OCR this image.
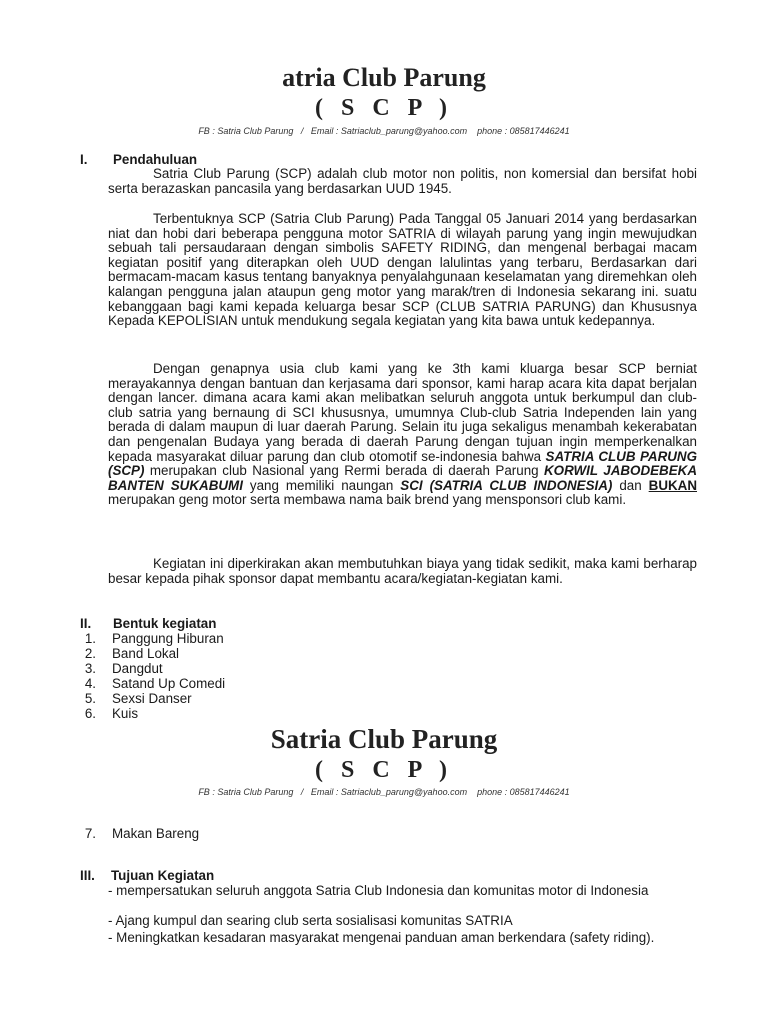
atria Club Parung
( S C P )
FB : Satria Club Parung   /   Email : Satriaclub_parung@yahoo.com    phone : 085817446241
I. Pendahuluan

Satria Club Parung (SCP) adalah club motor non politis, non komersial dan bersifat hobi serta berazaskan pancasila yang berdasarkan UUD 1945.

Terbentuknya SCP (Satria Club Parung) Pada Tanggal 05 Januari 2014 yang berdasarkan niat dan hobi dari beberapa pengguna motor SATRIA di wilayah parung yang ingin mewujudkan sebuah tali persaudaraan dengan simbolis SAFETY RIDING, dan mengenal berbagai macam kegiatan positif yang diterapkan oleh UUD dengan lalulintas yang terbaru, Berdasarkan dari bermacam-macam kasus tentang banyaknya penyalahgunaan keselamatan yang diremehkan oleh kalangan pengguna jalan ataupun geng motor yang marak/tren di Indonesia sekarang ini. suatu kebanggaan bagi kami kepada keluarga besar SCP (CLUB SATRIA PARUNG) dan Khususnya Kepada KEPOLISIAN untuk mendukung segala kegiatan yang kita bawa untuk kedepannya.

Dengan genapnya usia club kami yang ke 3th kami kluarga besar SCP berniat merayakannya dengan bantuan dan kerjasama dari sponsor, kami harap acara kita dapat berjalan dengan lancer. dimana acara kami akan melibatkan seluruh anggota untuk berkumpul dan club-club satria yang bernaung di SCI khususnya, umumnya Club-club Satria Independen lain yang berada di dalam maupun di luar daerah Parung. Selain itu juga sekaligus menambah kekerabatan dan pengenalan Budaya yang berada di daerah Parung dengan tujuan ingin memperkenalkan kepada masyarakat diluar parung dan club otomotif se-indonesia bahwa SATRIA CLUB PARUNG (SCP) merupakan club Nasional yang Rermi berada di daerah Parung KORWIL JABODEBEKA BANTEN SUKABUMI yang memiliki naungan SCI (SATRIA CLUB INDONESIA) dan BUKAN merupakan geng motor serta membawa nama baik brend yang mensponsori club kami.

Kegiatan ini diperkirakan akan membutuhkan biaya yang tidak sedikit, maka kami berharap besar kepada pihak sponsor dapat membantu acara/kegiatan-kegiatan kami.

II. Bentuk kegiatan
1. Panggung Hiburan
2. Band Lokal
3. Dangdut
4. Satand Up Comedi
5. Sexsi Danser
6. Kuis
Satria Club Parung
( S C P )
FB : Satria Club Parung   /   Email : Satriaclub_parung@yahoo.com    phone : 085817446241
7. Makan Bareng
III. Tujuan Kegiatan

- mempersatukan seluruh anggota Satria Club Indonesia dan komunitas motor di Indonesia

- Ajang kumpul dan searing club serta sosialisasi komunitas SATRIA

- Meningkatkan kesadaran masyarakat mengenai panduan aman berkendara (safety riding).
